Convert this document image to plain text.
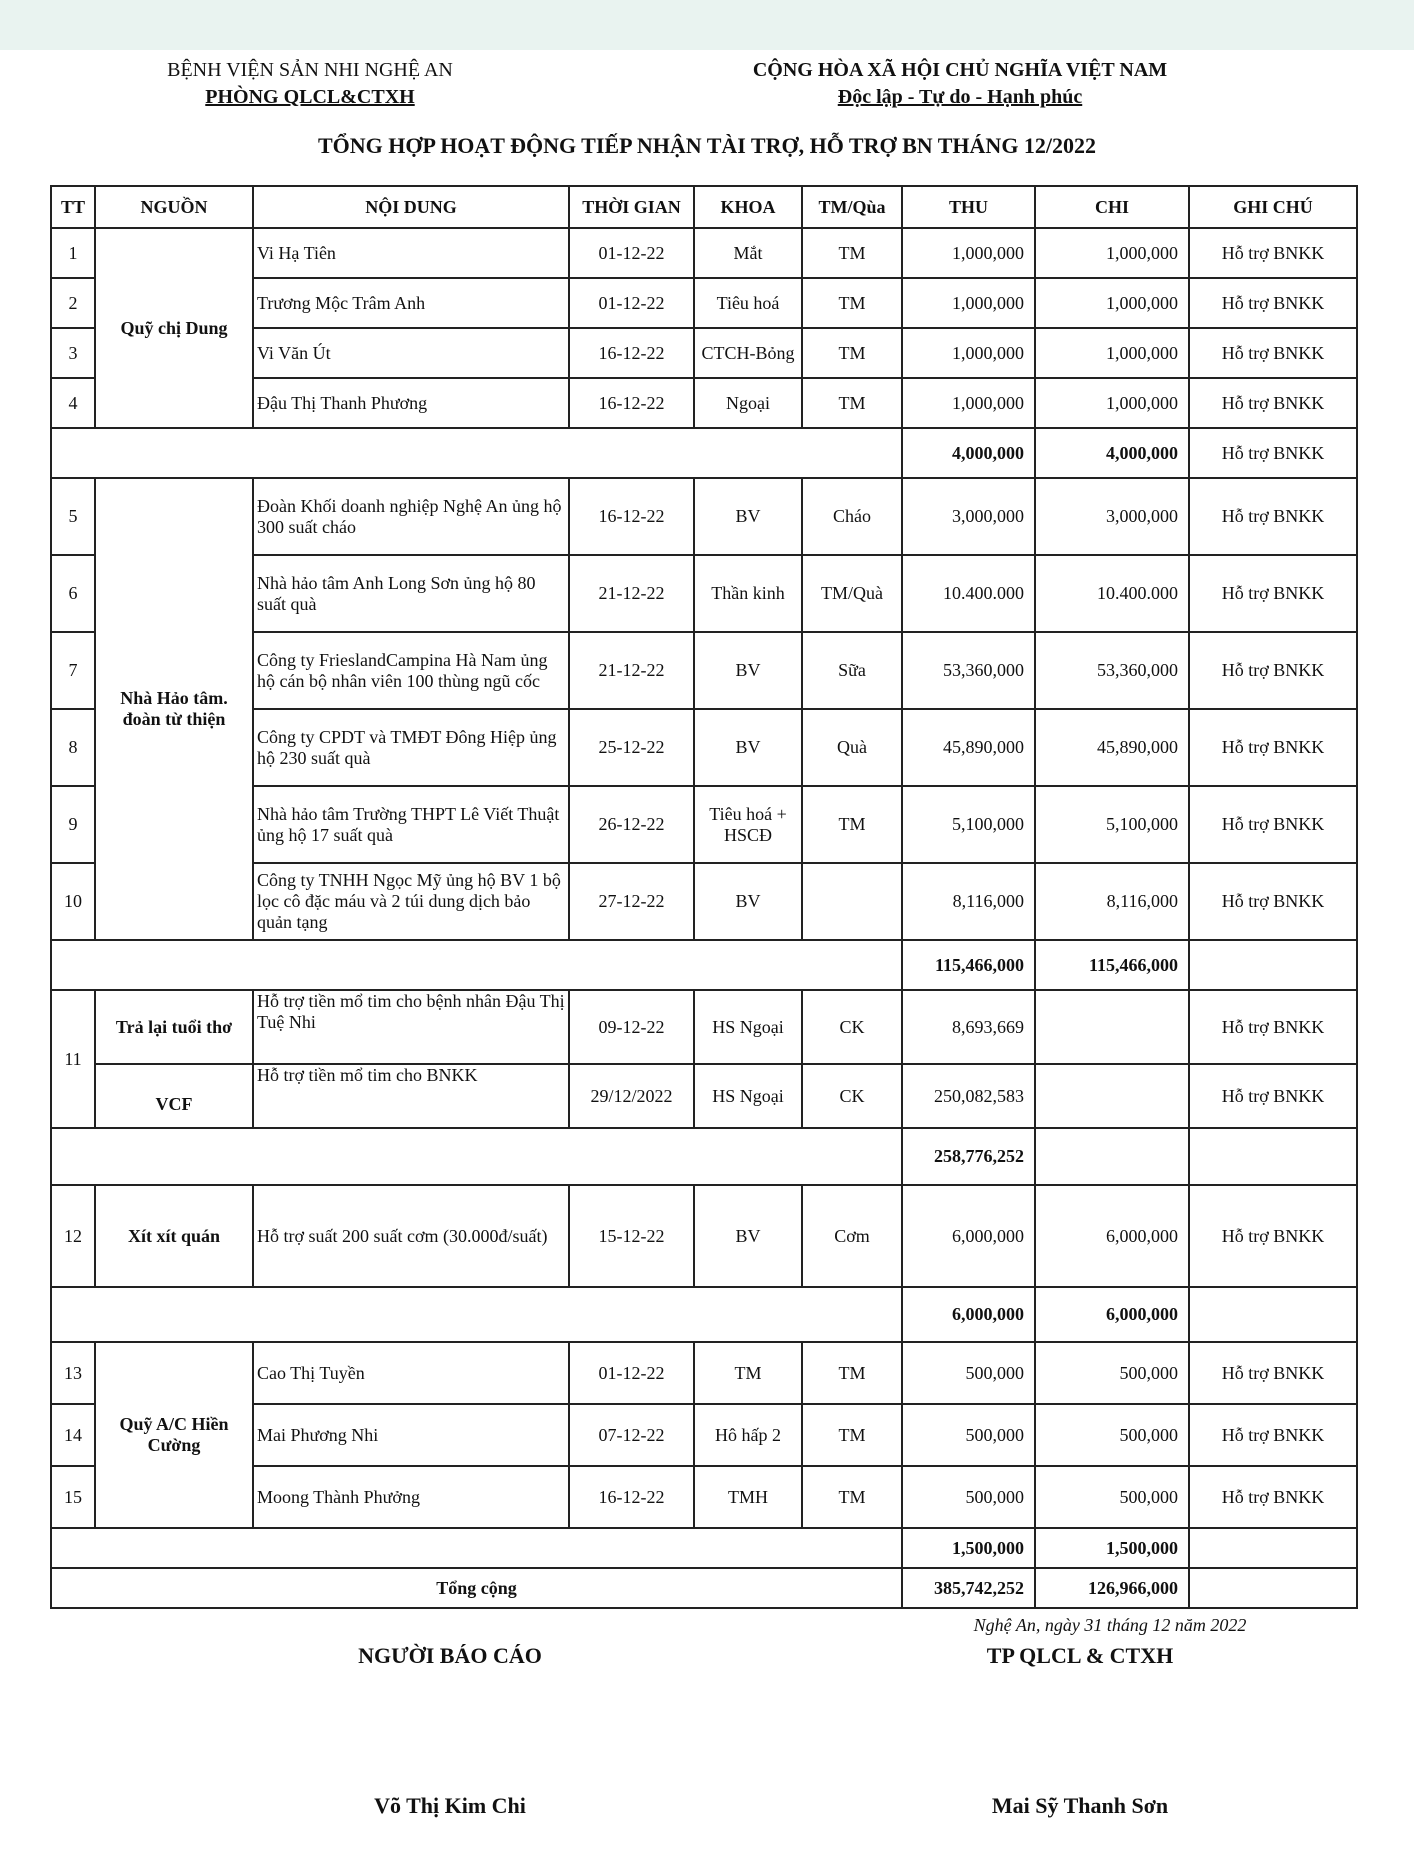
BỆNH VIỆN SẢN NHI NGHỆ AN
PHÒNG QLCL&CTXH
CỘNG HÒA XÃ HỘI CHỦ NGHĨA VIỆT NAM
Độc lập - Tự do - Hạnh phúc
TỔNG HỢP HOẠT ĐỘNG TIẾP NHẬN TÀI TRỢ, HỖ TRỢ BN THÁNG 12/2022
TT	NGUỒN	NỘI DUNG	THỜI GIAN	KHOA	TM/Qùa	THU	CHI	GHI CHÚ
1	Quỹ chị Dung	Vi Hạ Tiên	01-12-22	Mắt	TM	1,000,000	1,000,000	Hỗ trợ BNKK
2		Trương Mộc Trâm Anh	01-12-22	Tiêu hoá	TM	1,000,000	1,000,000	Hỗ trợ BNKK
3		Vi Văn Út	16-12-22	CTCH-Bỏng	TM	1,000,000	1,000,000	Hỗ trợ BNKK
4		Đậu Thị Thanh Phương	16-12-22	Ngoại	TM	1,000,000	1,000,000	Hỗ trợ BNKK
						4,000,000	4,000,000	Hỗ trợ BNKK
5	Nhà Hảo tâm. đoàn từ thiện	Đoàn Khối doanh nghiệp Nghệ An ủng hộ 300 suất cháo	16-12-22	BV	Cháo	3,000,000	3,000,000	Hỗ trợ BNKK
6		Nhà hảo tâm Anh Long Sơn ủng hộ 80 suất quà	21-12-22	Thần kinh	TM/Quà	10.400.000	10.400.000	Hỗ trợ BNKK
7		Công ty FrieslandCampina Hà Nam ủng hộ cán bộ nhân viên 100 thùng ngũ cốc	21-12-22	BV	Sữa	53,360,000	53,360,000	Hỗ trợ BNKK
8		Công ty CPDT và TMĐT Đông Hiệp ủng hộ 230 suất quà	25-12-22	BV	Quà	45,890,000	45,890,000	Hỗ trợ BNKK
9		Nhà hảo tâm Trường THPT Lê Viết Thuật ủng hộ 17 suất quà	26-12-22	Tiêu hoá + HSCĐ	TM	5,100,000	5,100,000	Hỗ trợ BNKK
10		Công ty TNHH Ngọc Mỹ ủng hộ BV 1 bộ lọc cô đặc máu và 2 túi dung dịch bảo quản tạng	27-12-22	BV		8,116,000	8,116,000	Hỗ trợ BNKK
						115,466,000	115,466,000	
11	Trả lại tuổi thơ	Hỗ trợ tiền mổ tim cho bệnh nhân Đậu Thị Tuệ Nhi	09-12-22	HS Ngoại	CK	8,693,669		Hỗ trợ BNKK
	VCF	Hỗ trợ tiền mổ tim cho BNKK	29/12/2022	HS Ngoại	CK	250,082,583		Hỗ trợ BNKK
						258,776,252		
12	Xít xít quán	Hỗ trợ suất 200 suất cơm (30.000đ/suất)	15-12-22	BV	Cơm	6,000,000	6,000,000	Hỗ trợ BNKK
						6,000,000	6,000,000	
13	Quỹ A/C Hiền Cường	Cao Thị Tuyền	01-12-22	TM	TM	500,000	500,000	Hỗ trợ BNKK
14		Mai Phương Nhi	07-12-22	Hô hấp 2	TM	500,000	500,000	Hỗ trợ BNKK
15		Moong Thành Phưởng	16-12-22	TMH	TM	500,000	500,000	Hỗ trợ BNKK
						1,500,000	1,500,000	
Tổng cộng						385,742,252	126,966,000	
Nghệ An, ngày 31 tháng 12 năm 2022
NGƯỜI BÁO CÁO	TP QLCL & CTXH
Võ Thị Kim Chi	Mai Sỹ Thanh Sơn
